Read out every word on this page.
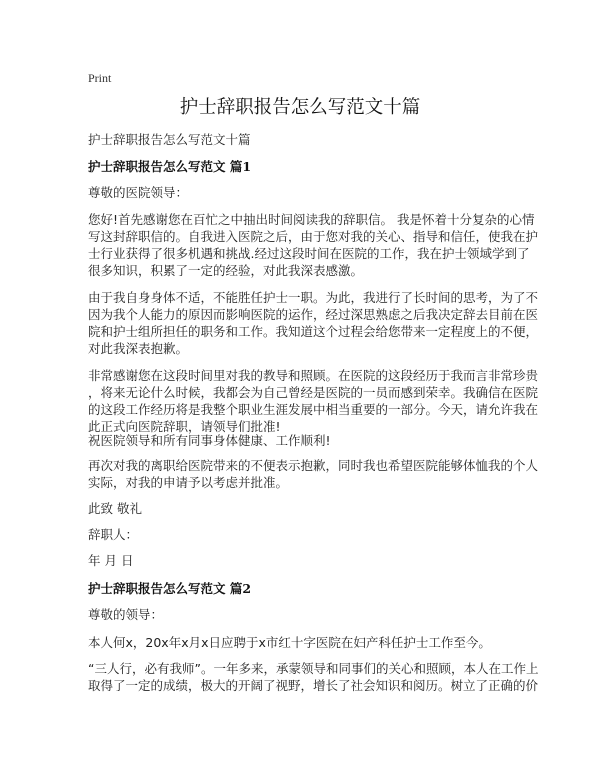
Print
护士辞职报告怎么写范文十篇
护士辞职报告怎么写范文十篇
护士辞职报告怎么写范文 篇1
尊敬的医院领导：
您好!首先感谢您在百忙之中抽出时间阅读我的辞职信。 我是怀着十分复杂的心情
写这封辞职信的。自我进入医院之后，由于您对我的关心、指导和信任，使我在护
士行业获得了很多机遇和挑战.经过这段时间在医院的工作，我在护士领域学到了
很多知识，积累了一定的经验，对此我深表感激。
由于我自身身体不适，不能胜任护士一职。为此，我进行了长时间的思考，为了不
因为我个人能力的原因而影响医院的运作，经过深思熟虑之后我决定辞去目前在医
院和护士组所担任的职务和工作。我知道这个过程会给您带来一定程度上的不便，
对此我深表抱歉。
非常感谢您在这段时间里对我的教导和照顾。在医院的这段经历于我而言非常珍贵
，将来无论什么时候，我都会为自己曾经是医院的一员而感到荣幸。我确信在医院
的这段工作经历将是我整个职业生涯发展中相当重要的一部分。今天，请允许我在
此正式向医院辞职，请领导们批准!
祝医院领导和所有同事身体健康、工作顺利!
再次对我的离职给医院带来的不便表示抱歉，同时我也希望医院能够体恤我的个人
实际，对我的申请予以考虑并批准。
此致 敬礼
辞职人：
年 月 日
护士辞职报告怎么写范文 篇2
尊敬的领导：
本人何x，20x年x月x日应聘于x市红十字医院在妇产科任护士工作至今。
“三人行，必有我师”。一年多来，承蒙领导和同事们的关心和照顾，本人在工作上
取得了一定的成绩，极大的开阔了视野，增长了社会知识和阅历。树立了正确的价
